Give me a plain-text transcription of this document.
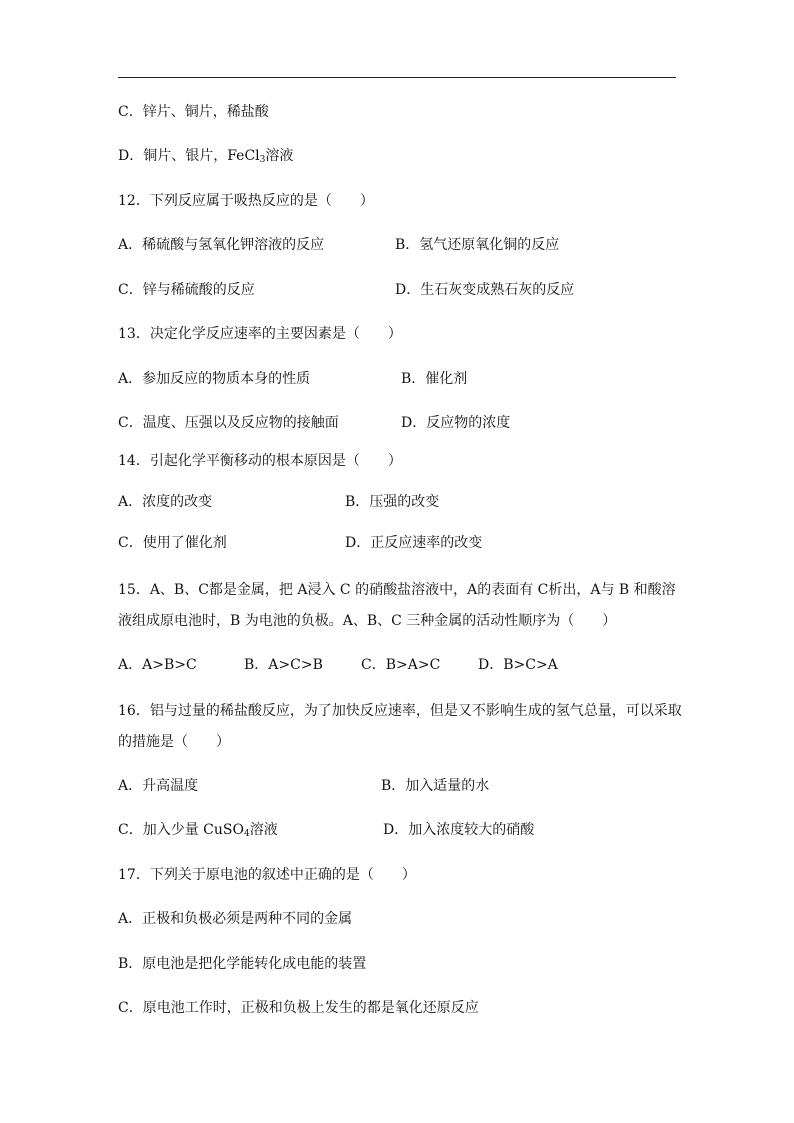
C．锌片、铜片，稀盐酸
D．铜片、银片，FeCl$_3$溶液
12．下列反应属于吸热反应的是（　　）
A．稀硫酸与氢氧化钾溶液的反应	B．氢气还原氧化铜的反应
C．锌与稀硫酸的反应	D．生石灰变成熟石灰的反应
13．决定化学反应速率的主要因素是（　　）
A．参加反应的物质本身的性质	B．催化剂
C．温度、压强以及反应物的接触面	D．反应物的浓度
14．引起化学平衡移动的根本原因是（　　）
A．浓度的改变	B．压强的改变
C．使用了催化剂	D．正反应速率的改变
15．A、B、C都是金属，把 A浸入 C 的硝酸盐溶液中，A的表面有 C析出，A与 B 和酸溶
液组成原电池时，B 为电池的负极。A、B、C 三种金属的活动性顺序为（　　）
A．A>B>C	B．A>C>B	C．B>A>C	D．B>C>A
16．铝与过量的稀盐酸反应，为了加快反应速率，但是又不影响生成的氢气总量，可以采取
的措施是（　　）
A．升高温度	B．加入适量的水
C．加入少量 CuSO$_4$溶液	D．加入浓度较大的硝酸
17．下列关于原电池的叙述中正确的是（　　）
A．正极和负极必须是两种不同的金属
B．原电池是把化学能转化成电能的装置
C．原电池工作时，正极和负极上发生的都是氧化还原反应
